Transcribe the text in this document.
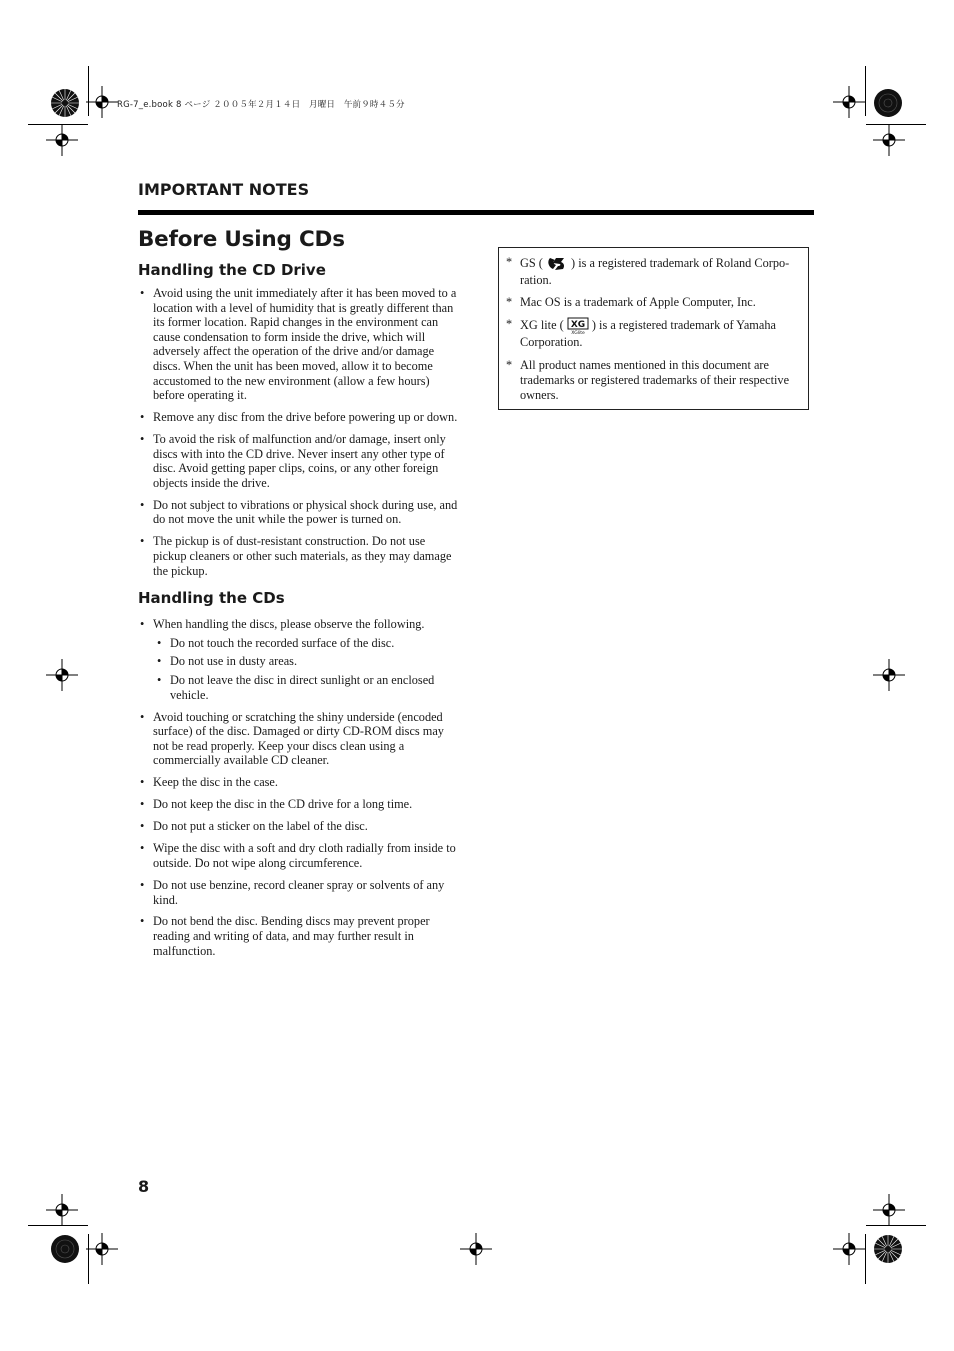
RG-7_e.book 8 ページ ２００５年２月１４日　月曜日　午前９時４５分
IMPORTANT NOTES
Before Using CDs
Handling the CD Drive
• Avoid using the unit immediately after it has been moved to a location with a level of humidity that is greatly different than its former location. Rapid changes in the environment can cause condensation to form inside the drive, which will adversely affect the operation of the drive and/or damage discs. When the unit has been moved, allow it to become accustomed to the new environment (allow a few hours) before operating it.
• Remove any disc from the drive before powering up or down.
• To avoid the risk of malfunction and/or damage, insert only discs with into the CD drive. Never insert any other type of disc. Avoid getting paper clips, coins, or any other foreign objects inside the drive.
• Do not subject to vibrations or physical shock during use, and do not move the unit while the power is turned on.
• The pickup is of dust-resistant construction. Do not use pickup cleaners or other such materials, as they may damage the pickup.
Handling the CDs
• When handling the discs, please observe the following.
• Do not touch the recorded surface of the disc.
• Do not use in dusty areas.
• Do not leave the disc in direct sunlight or an enclosed vehicle.
• Avoid touching or scratching the shiny underside (encoded surface) of the disc. Damaged or dirty CD-ROM discs may not be read properly. Keep your discs clean using a commercially available CD cleaner.
• Keep the disc in the case.
• Do not keep the disc in the CD drive for a long time.
• Do not put a sticker on the label of the disc.
• Wipe the disc with a soft and dry cloth radially from inside to outside. Do not wipe along circumference.
• Do not use benzine, record cleaner spray or solvents of any kind.
• Do not bend the disc. Bending discs may prevent proper reading and writing of data, and may further result in malfunction.
* GS ( ) is a registered trademark of Roland Corpo-ration.
* Mac OS is a trademark of Apple Computer, Inc.
* XG lite ( XG
XGlite
) is a registered trademark of Yamaha Corporation.
* All product names mentioned in this document are trademarks or registered trademarks of their respective owners.
8
